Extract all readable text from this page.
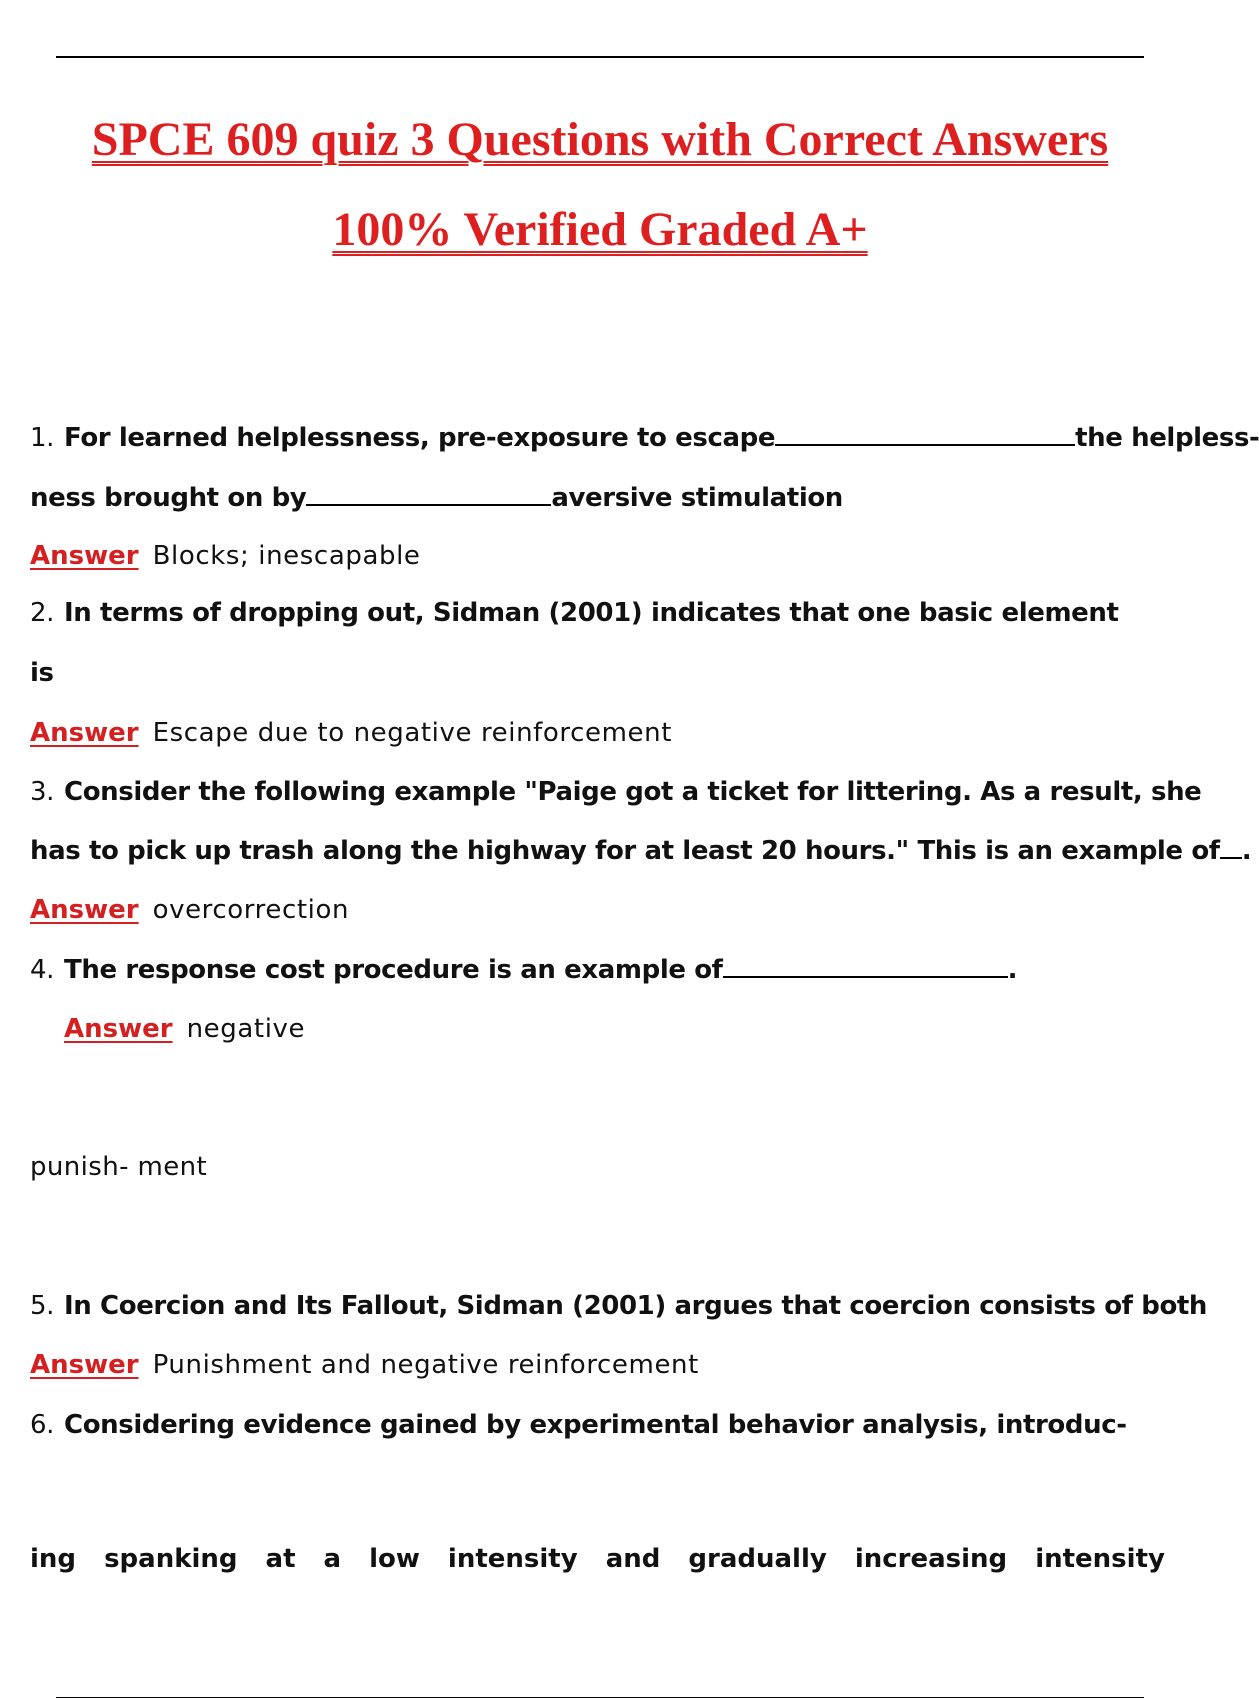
SPCE 609 quiz 3 Questions with Correct Answers
100% Verified Graded A+
1. For learned helplessness, pre-exposure to escape	the helpless-
ness brought on by	aversive stimulation
Answer Blocks; inescapable
2. In terms of dropping out, Sidman (2001) indicates that one basic element
is
Answer Escape due to negative reinforcement
3. Consider the following example "Paige got a ticket for littering. As a result, she
has to pick up trash along the highway for at least 20 hours." This is an example of .
Answer overcorrection
4. The response cost procedure is an example of	.
Answer negative
punish- ment
5. In Coercion and Its Fallout, Sidman (2001) argues that coercion consists of both
Answer Punishment and negative reinforcement
6. Considering evidence gained by experimental behavior analysis, introduc-
ing spanking at a low intensity and gradually increasing intensity
